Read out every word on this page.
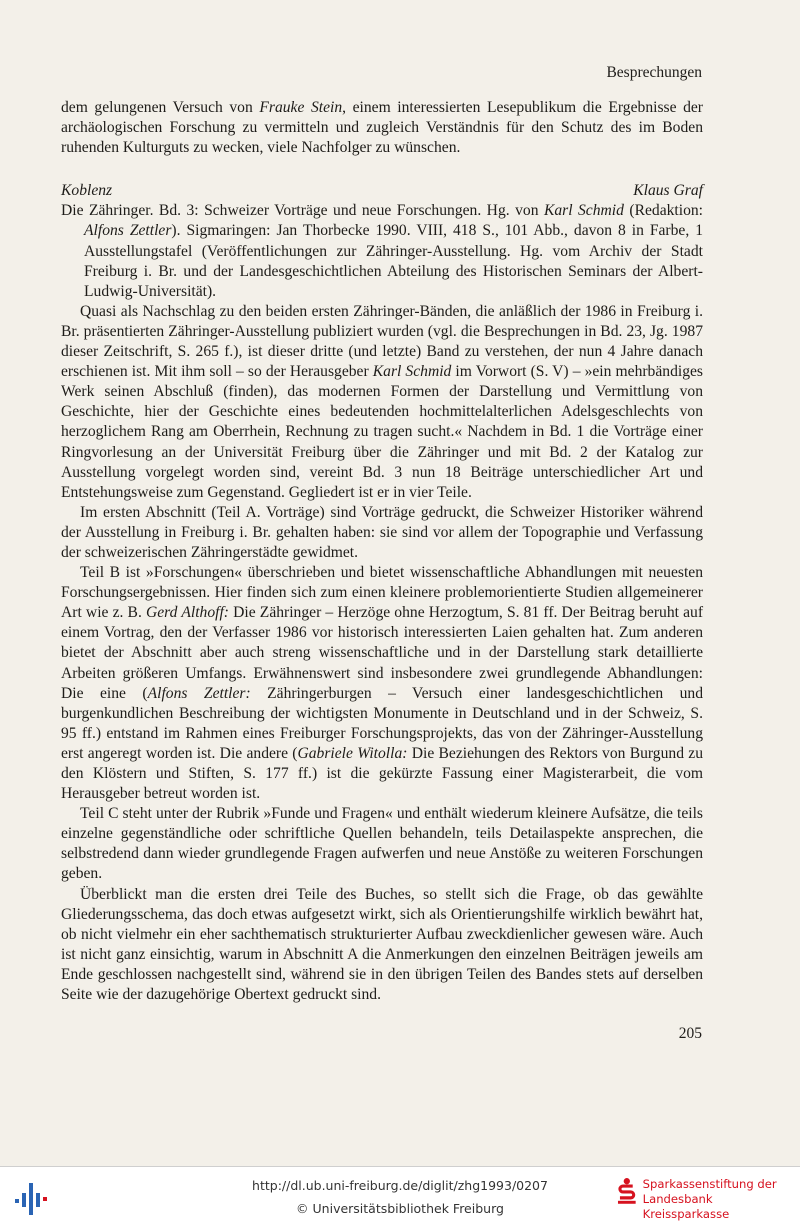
Besprechungen

dem gelungenen Versuch von Frauke Stein, einem interessierten Lesepublikum die Ergebnisse der archäologischen Forschung zu vermitteln und zugleich Verständnis für den Schutz des im Boden ruhenden Kulturguts zu wecken, viele Nachfolger zu wünschen.

Koblenz	Klaus Graf

Die Zähringer. Bd. 3: Schweizer Vorträge und neue Forschungen. Hg. von Karl Schmid (Redaktion: Alfons Zettler). Sigmaringen: Jan Thorbecke 1990. VIII, 418 S., 101 Abb., davon 8 in Farbe, 1 Ausstellungstafel (Veröffentlichungen zur Zähringer-Ausstellung. Hg. vom Archiv der Stadt Freiburg i. Br. und der Landesgeschichtlichen Abteilung des Historischen Seminars der Albert-Ludwig-Universität).

Quasi als Nachschlag zu den beiden ersten Zähringer-Bänden, die anläßlich der 1986 in Freiburg i. Br. präsentierten Zähringer-Ausstellung publiziert wurden (vgl. die Besprechungen in Bd. 23, Jg. 1987 dieser Zeitschrift, S. 265 f.), ist dieser dritte (und letzte) Band zu verstehen, der nun 4 Jahre danach erschienen ist. Mit ihm soll – so der Herausgeber Karl Schmid im Vorwort (S. V) – »ein mehrbändiges Werk seinen Abschluß (finden), das modernen Formen der Darstellung und Vermittlung von Geschichte, hier der Geschichte eines bedeutenden hochmittelalterlichen Adelsgeschlechts von herzoglichem Rang am Oberrhein, Rechnung zu tragen sucht.« Nachdem in Bd. 1 die Vorträge einer Ringvorlesung an der Universität Freiburg über die Zähringer und mit Bd. 2 der Katalog zur Ausstellung vorgelegt worden sind, vereint Bd. 3 nun 18 Beiträge unterschiedlicher Art und Entstehungsweise zum Gegenstand. Gegliedert ist er in vier Teile.

Im ersten Abschnitt (Teil A. Vorträge) sind Vorträge gedruckt, die Schweizer Historiker während der Ausstellung in Freiburg i. Br. gehalten haben: sie sind vor allem der Topographie und Verfassung der schweizerischen Zähringerstädte gewidmet.

Teil B ist »Forschungen« überschrieben und bietet wissenschaftliche Abhandlungen mit neuesten Forschungsergebnissen. Hier finden sich zum einen kleinere problemorientierte Studien allgemeinerer Art wie z. B. Gerd Althoff: Die Zähringer – Herzöge ohne Herzogtum, S. 81 ff. Der Beitrag beruht auf einem Vortrag, den der Verfasser 1986 vor historisch interessierten Laien gehalten hat. Zum anderen bietet der Abschnitt aber auch streng wissenschaftliche und in der Darstellung stark detaillierte Arbeiten größeren Umfangs. Erwähnenswert sind insbesondere zwei grundlegende Abhandlungen: Die eine (Alfons Zettler: Zähringerburgen – Versuch einer landesgeschichtlichen und burgenkundlichen Beschreibung der wichtigsten Monumente in Deutschland und in der Schweiz, S. 95 ff.) entstand im Rahmen eines Freiburger Forschungsprojekts, das von der Zähringer-Ausstellung erst angeregt worden ist. Die andere (Gabriele Witolla: Die Beziehungen des Rektors von Burgund zu den Klöstern und Stiften, S. 177 ff.) ist die gekürzte Fassung einer Magisterarbeit, die vom Herausgeber betreut worden ist.

Teil C steht unter der Rubrik »Funde und Fragen« und enthält wiederum kleinere Aufsätze, die teils einzelne gegenständliche oder schriftliche Quellen behandeln, teils Detailaspekte ansprechen, die selbstredend dann wieder grundlegende Fragen aufwerfen und neue Anstöße zu weiteren Forschungen geben.

Überblickt man die ersten drei Teile des Buches, so stellt sich die Frage, ob das gewählte Gliederungsschema, das doch etwas aufgesetzt wirkt, sich als Orientierungshilfe wirklich bewährt hat, ob nicht vielmehr ein eher sachthematisch strukturierter Aufbau zweckdienlicher gewesen wäre. Auch ist nicht ganz einsichtig, warum in Abschnitt A die Anmerkungen den einzelnen Beiträgen jeweils am Ende geschlossen nachgestellt sind, während sie in den übrigen Teilen des Bandes stets auf derselben Seite wie der dazugehörige Obertext gedruckt sind.

205
http://dl.ub.uni-freiburg.de/diglit/zhg1993/0207
© Universitätsbibliothek Freiburg
Sparkassenstiftung der
Landesbank Kreissparkasse
